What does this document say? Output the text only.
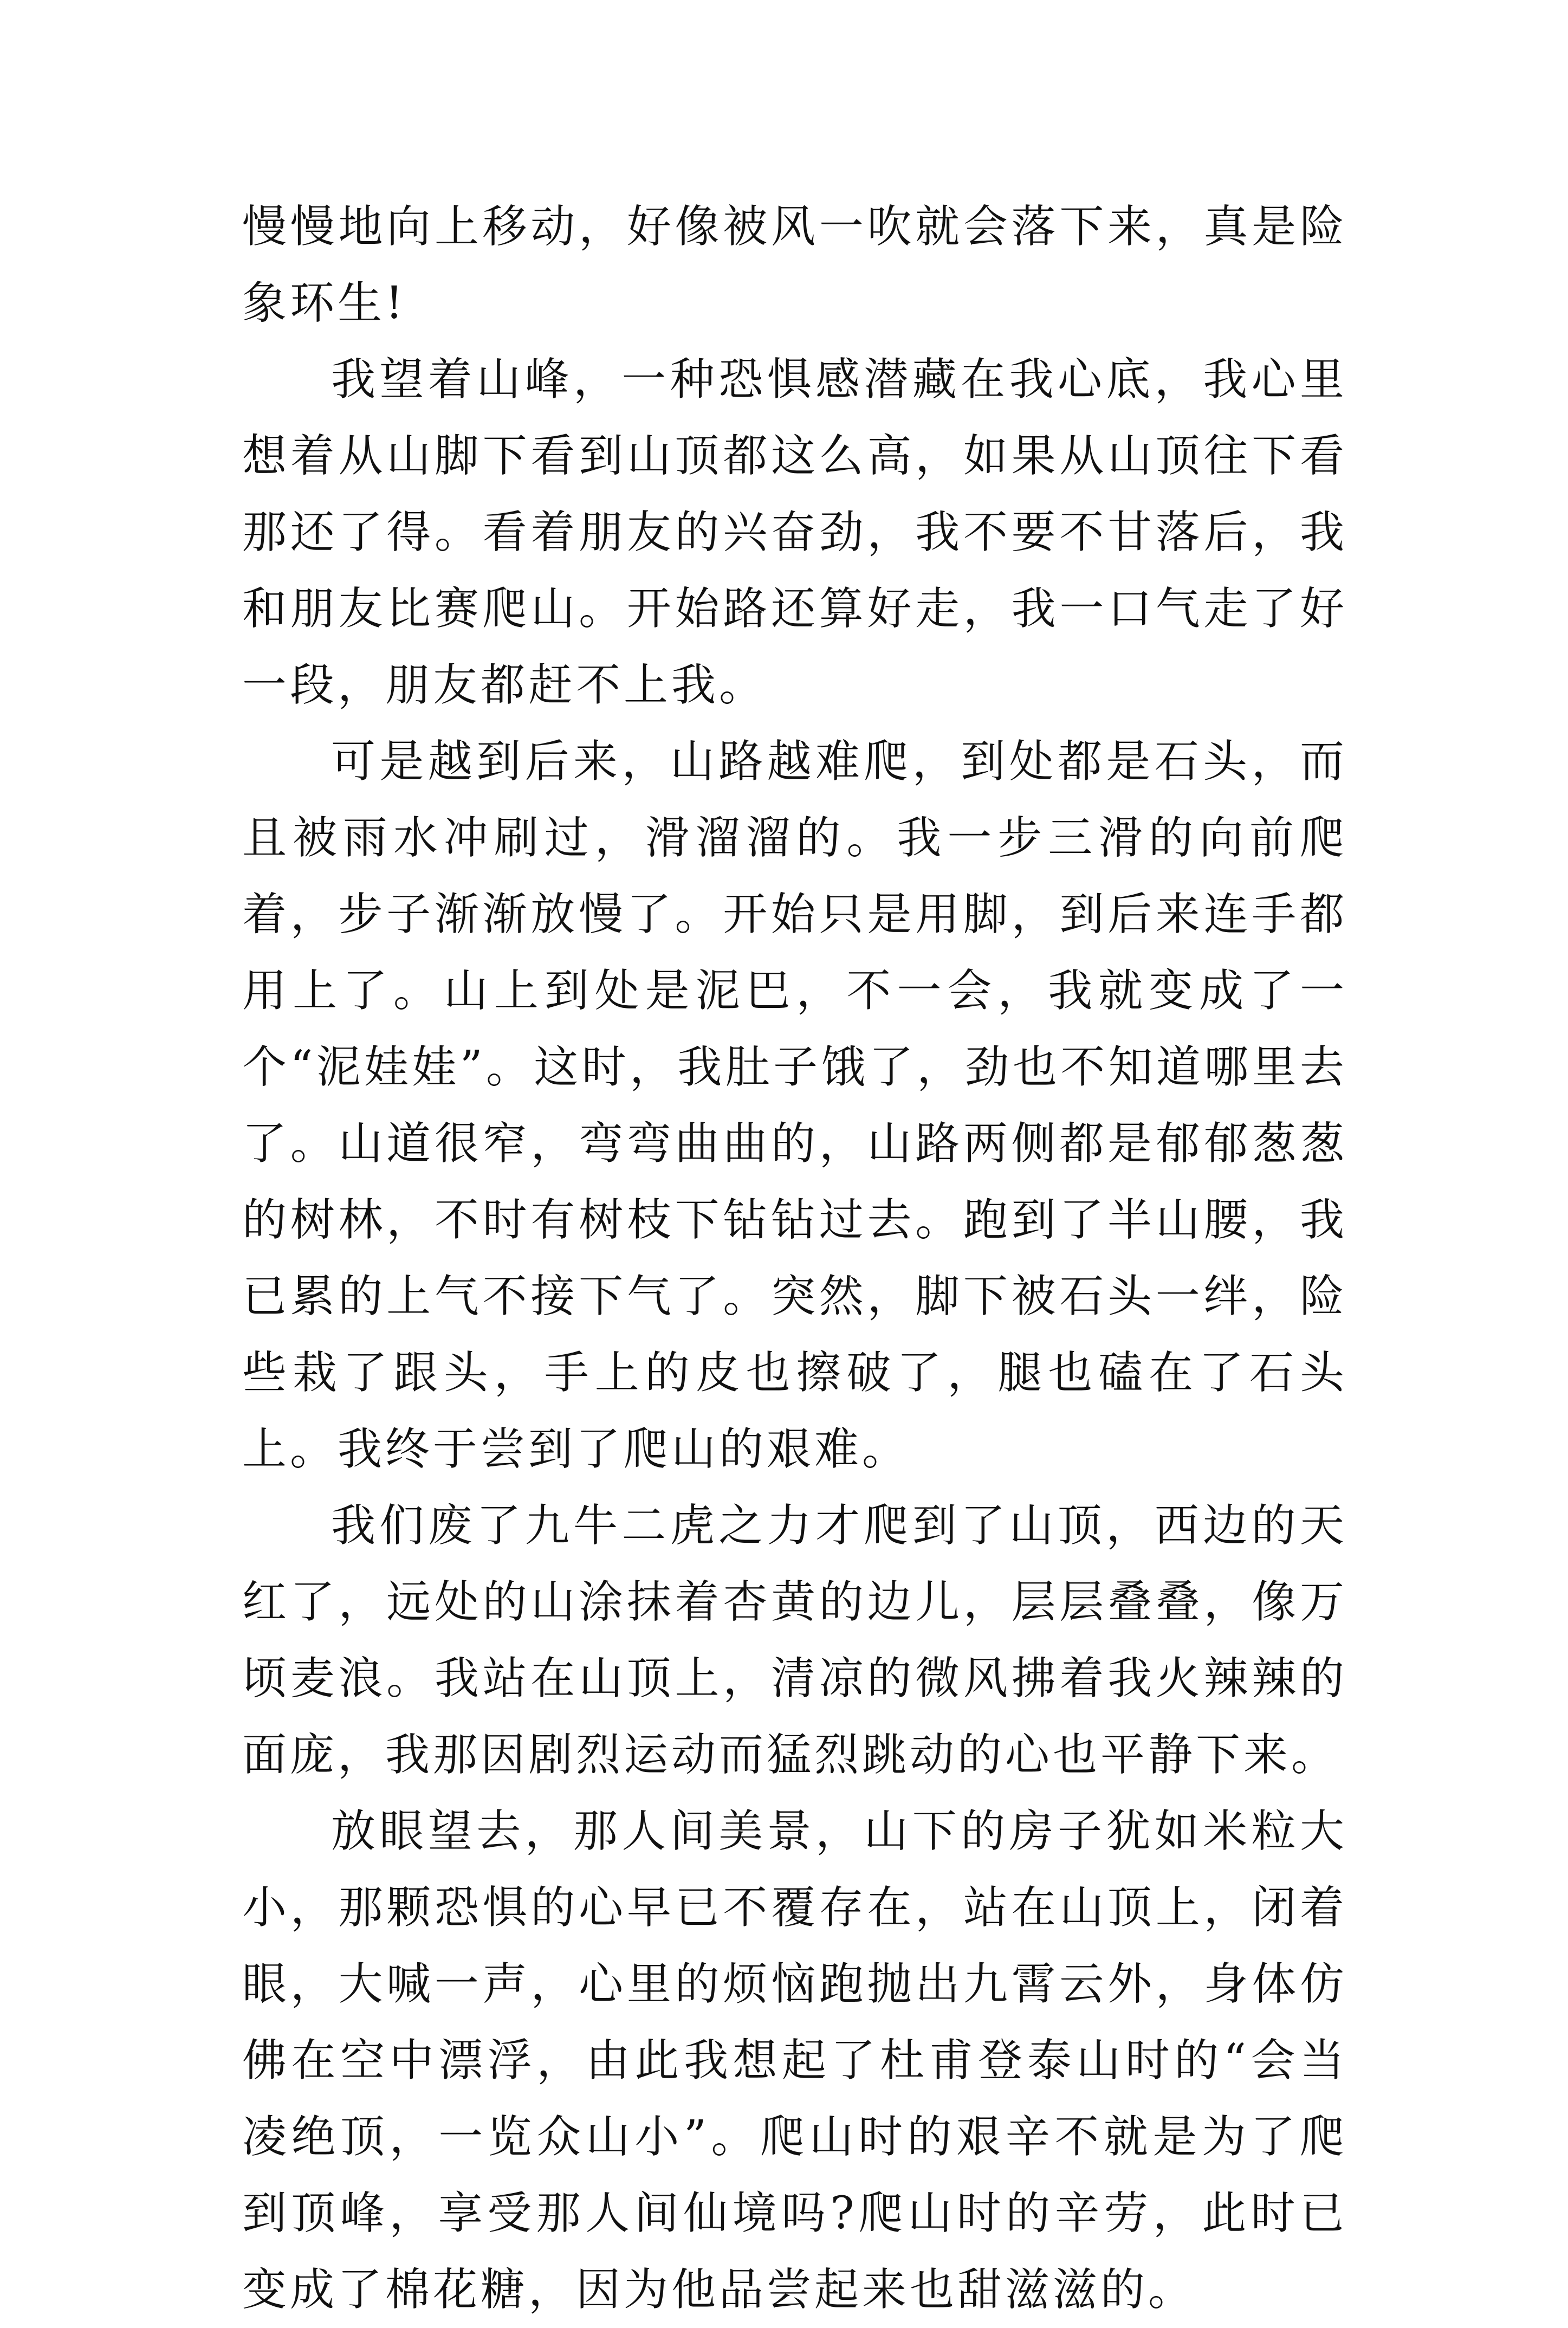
慢慢地向上移动，好像被风一吹就会落下来，真是险象环生!

我望着山峰，一种恐惧感潜藏在我心底，我心里想着从山脚下看到山顶都这么高，如果从山顶往下看那还了得。看着朋友的兴奋劲，我不要不甘落后，我和朋友比赛爬山。开始路还算好走，我一口气走了好一段，朋友都赶不上我。

可是越到后来，山路越难爬，到处都是石头，而且被雨水冲刷过，滑溜溜的。我一步三滑的向前爬着，步子渐渐放慢了。开始只是用脚，到后来连手都用上了。山上到处是泥巴，不一会，我就变成了一个“泥娃娃”。这时，我肚子饿了，劲也不知道哪里去了。山道很窄，弯弯曲曲的，山路两侧都是郁郁葱葱的树林，不时有树枝下钻钻过去。跑到了半山腰，我已累的上气不接下气了。突然，脚下被石头一绊，险些栽了跟头，手上的皮也擦破了，腿也磕在了石头上。我终于尝到了爬山的艰难。

我们废了九牛二虎之力才爬到了山顶，西边的天红了，远处的山涂抹着杏黄的边儿，层层叠叠，像万顷麦浪。我站在山顶上，清凉的微风拂着我火辣辣的面庞，我那因剧烈运动而猛烈跳动的心也平静下来。

放眼望去，那人间美景，山下的房子犹如米粒大小，那颗恐惧的心早已不覆存在，站在山顶上，闭着眼，大喊一声，心里的烦恼跑抛出九霄云外，身体仿佛在空中漂浮，由此我想起了杜甫登泰山时的“会当凌绝顶，一览众山小”。爬山时的艰辛不就是为了爬到顶峰，享受那人间仙境吗?爬山时的辛劳，此时已变成了棉花糖，因为他品尝起来也甜滋滋的。
